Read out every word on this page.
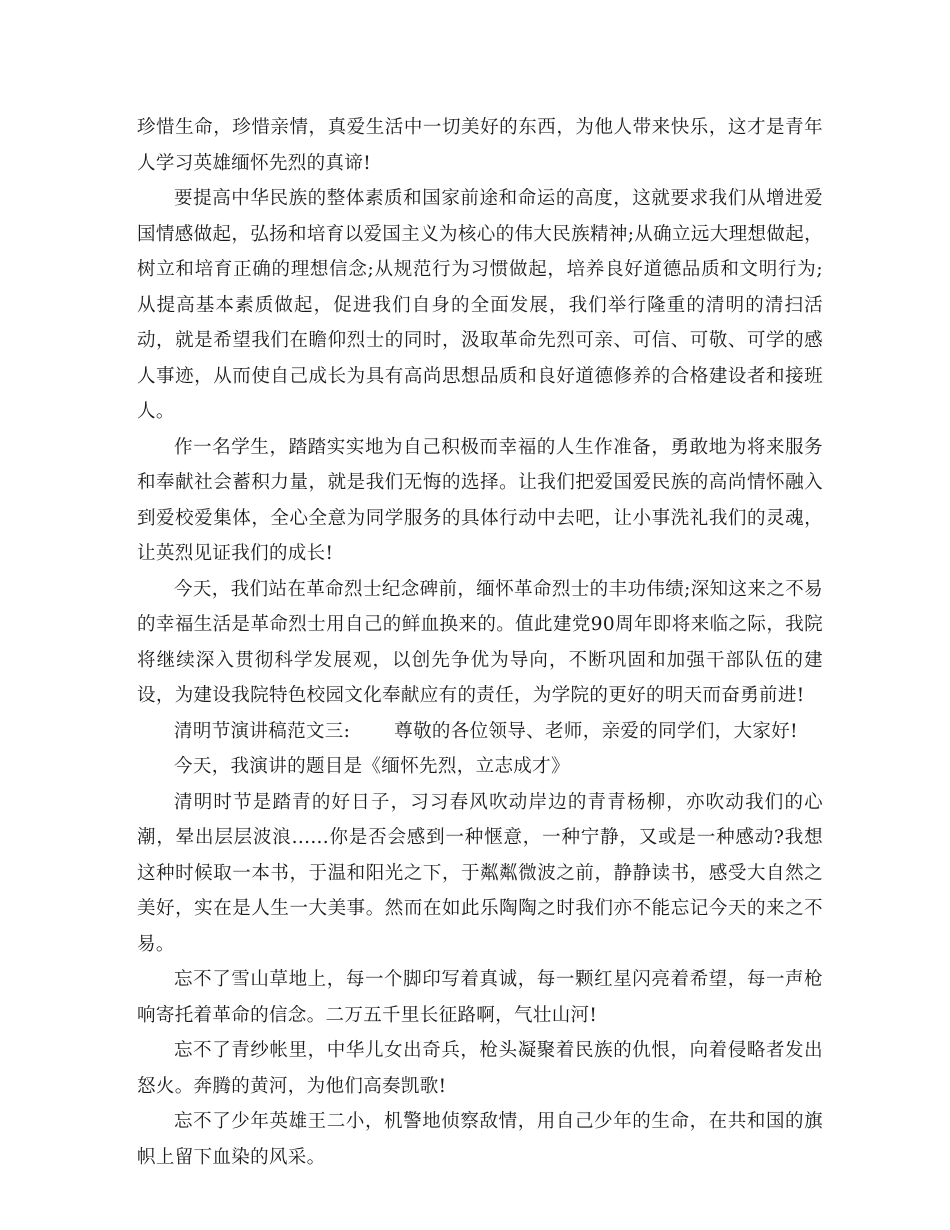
珍惜生命，珍惜亲情，真爱生活中一切美好的东西，为他人带来快乐，这才是青年人学习英雄缅怀先烈的真谛!

要提高中华民族的整体素质和国家前途和命运的高度，这就要求我们从增进爱国情感做起，弘扬和培育以爱国主义为核心的伟大民族精神;从确立远大理想做起，树立和培育正确的理想信念;从规范行为习惯做起，培养良好道德品质和文明行为;从提高基本素质做起，促进我们自身的全面发展，我们举行隆重的清明的清扫活动，就是希望我们在瞻仰烈士的同时，汲取革命先烈可亲、可信、可敬、可学的感人事迹，从而使自己成长为具有高尚思想品质和良好道德修养的合格建设者和接班人。

作一名学生，踏踏实实地为自己积极而幸福的人生作准备，勇敢地为将来服务和奉献社会蓄积力量，就是我们无悔的选择。让我们把爱国爱民族的高尚情怀融入到爱校爱集体，全心全意为同学服务的具体行动中去吧，让小事洗礼我们的灵魂，让英烈见证我们的成长!

今天，我们站在革命烈士纪念碑前，缅怀革命烈士的丰功伟绩;深知这来之不易的幸福生活是革命烈士用自己的鲜血换来的。值此建党90周年即将来临之际，我院将继续深入贯彻科学发展观，以创先争优为导向，不断巩固和加强干部队伍的建设，为建设我院特色校园文化奉献应有的责任，为学院的更好的明天而奋勇前进!

清明节演讲稿范文三: 尊敬的各位领导、老师，亲爱的同学们，大家好!

今天，我演讲的题目是《缅怀先烈，立志成才》

清明时节是踏青的好日子，习习春风吹动岸边的青青杨柳，亦吹动我们的心潮，晕出层层波浪......你是否会感到一种惬意，一种宁静，又或是一种感动?我想这种时候取一本书，于温和阳光之下，于粼粼微波之前，静静读书，感受大自然之美好，实在是人生一大美事。然而在如此乐陶陶之时我们亦不能忘记今天的来之不易。

忘不了雪山草地上，每一个脚印写着真诚，每一颗红星闪亮着希望，每一声枪响寄托着革命的信念。二万五千里长征路啊，气壮山河!

忘不了青纱帐里，中华儿女出奇兵，枪头凝聚着民族的仇恨，向着侵略者发出怒火。奔腾的黄河，为他们高奏凯歌!

忘不了少年英雄王二小，机警地侦察敌情，用自己少年的生命，在共和国的旗帜上留下血染的风采。
